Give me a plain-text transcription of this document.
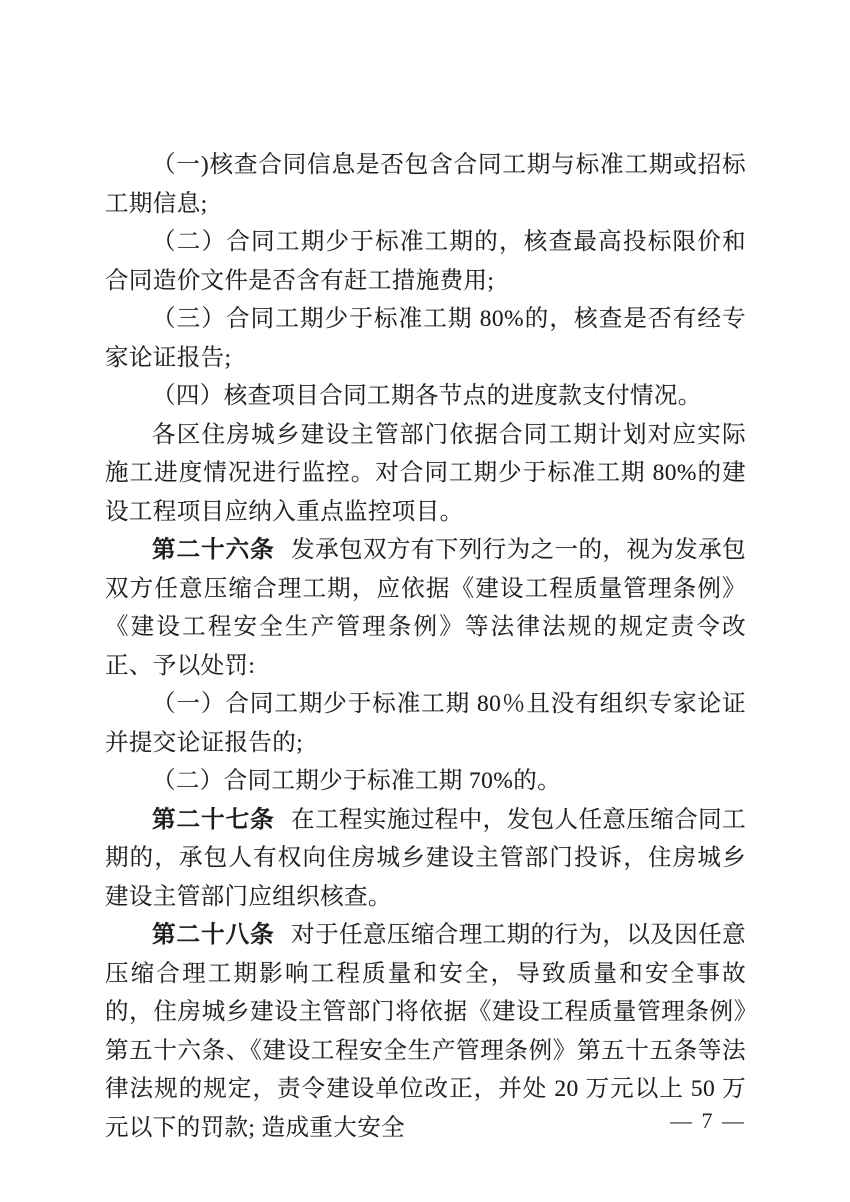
（一)核查合同信息是否包含合同工期与标准工期或招标工期信息;

（二）合同工期少于标准工期的，核查最高投标限价和合同造价文件是否含有赶工措施费用;

（三）合同工期少于标准工期 80%的，核查是否有经专家论证报告;

（四）核查项目合同工期各节点的进度款支付情况。

各区住房城乡建设主管部门依据合同工期计划对应实际施工进度情况进行监控。对合同工期少于标准工期 80%的建设工程项目应纳入重点监控项目。

第二十六条 发承包双方有下列行为之一的，视为发承包双方任意压缩合理工期，应依据《建设工程质量管理条例》《建设工程安全生产管理条例》等法律法规的规定责令改正、予以处罚:

（一）合同工期少于标准工期 80％且没有组织专家论证并提交论证报告的;

（二）合同工期少于标准工期 70%的。

第二十七条 在工程实施过程中，发包人任意压缩合同工期的，承包人有权向住房城乡建设主管部门投诉，住房城乡建设主管部门应组织核查。

第二十八条 对于任意压缩合理工期的行为，以及因任意压缩合理工期影响工程质量和安全，导致质量和安全事故的，住房城乡建设主管部门将依据《建设工程质量管理条例》第五十六条、《建设工程安全生产管理条例》第五十五条等法律法规的规定，责令建设单位改正，并处 20 万元以上 50 万元以下的罚款; 造成重大安全	— 7 —
